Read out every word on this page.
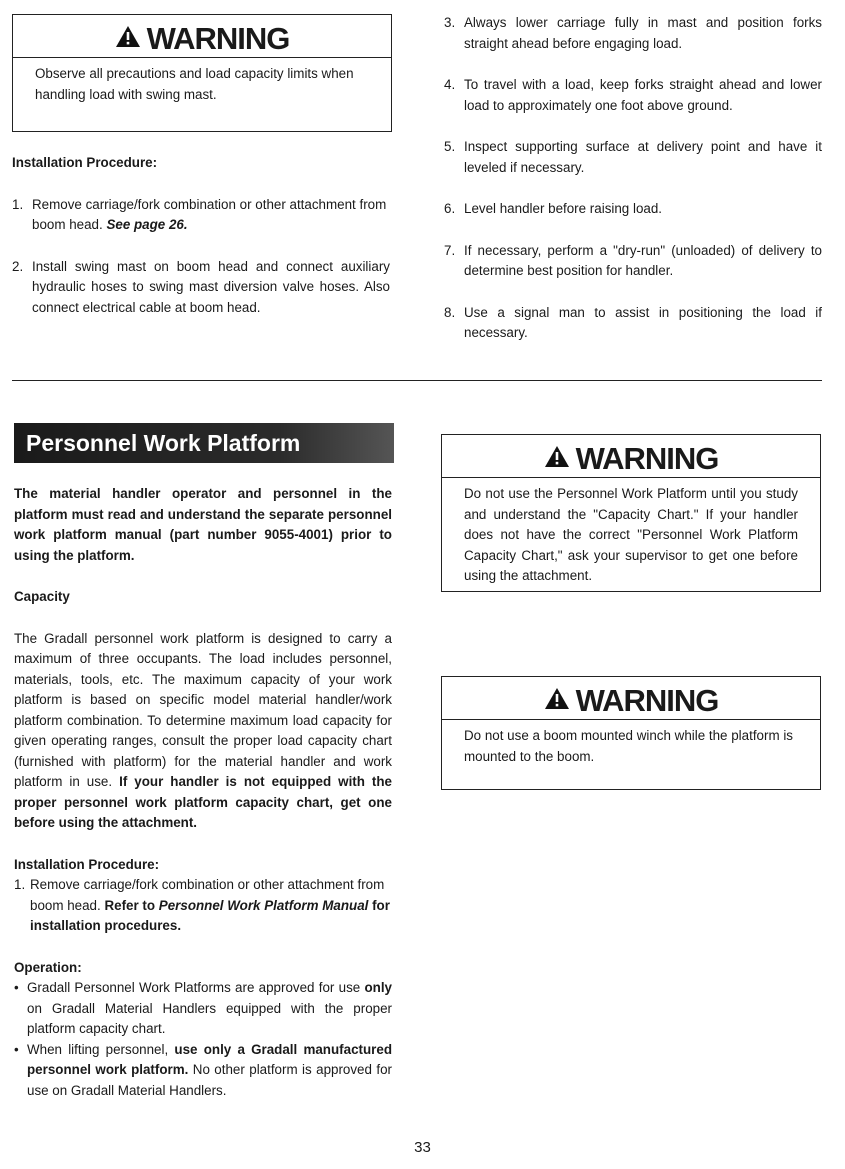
WARNING

Observe all precautions and load capacity limits when handling load with swing mast.

Installation Procedure:

1. Remove carriage/fork combination or other attachment from boom head. See page 26.
2. Install swing mast on boom head and connect auxiliary hydraulic hoses to swing mast diversion valve hoses. Also connect electrical cable at boom head.
3. Always lower carriage fully in mast and position forks straight ahead before engaging load.
4. To travel with a load, keep forks straight ahead and lower load to approximately one foot above ground.
5. Inspect supporting surface at delivery point and have it leveled if necessary.
6. Level handler before raising load.
7. If necessary, perform a "dry-run" (unloaded) of delivery to determine best position for handler.
8. Use a signal man to assist in positioning the load if necessary.
Personnel Work Platform

The material handler operator and personnel in the platform must read and understand the separate personnel work platform manual (part number 9055-4001) prior to using the platform.

Capacity

The Gradall personnel work platform is designed to carry a maximum of three occupants. The load includes personnel, materials, tools, etc. The maximum capacity of your work platform is based on specific model material handler/work platform combination. To determine maximum load capacity for given operating ranges, consult the proper load capacity chart (furnished with platform) for the material handler and work platform in use. If your handler is not equipped with the proper personnel work platform capacity chart, get one before using the attachment.

Installation Procedure:

1. Remove carriage/fork combination or other attachment from boom head. Refer to Personnel Work Platform Manual for installation procedures.

Operation:

• Gradall Personnel Work Platforms are approved for use only on Gradall Material Handlers equipped with the proper platform capacity chart.
• When lifting personnel, use only a Gradall manufactured personnel work platform. No other platform is approved for use on Gradall Material Handlers.
WARNING

Do not use the Personnel Work Platform until you study and understand the "Capacity Chart." If your handler does not have the correct "Personnel Work Platform Capacity Chart," ask your supervisor to get one before using the attachment.

WARNING

Do not use a boom mounted winch while the platform is mounted to the boom.

33
